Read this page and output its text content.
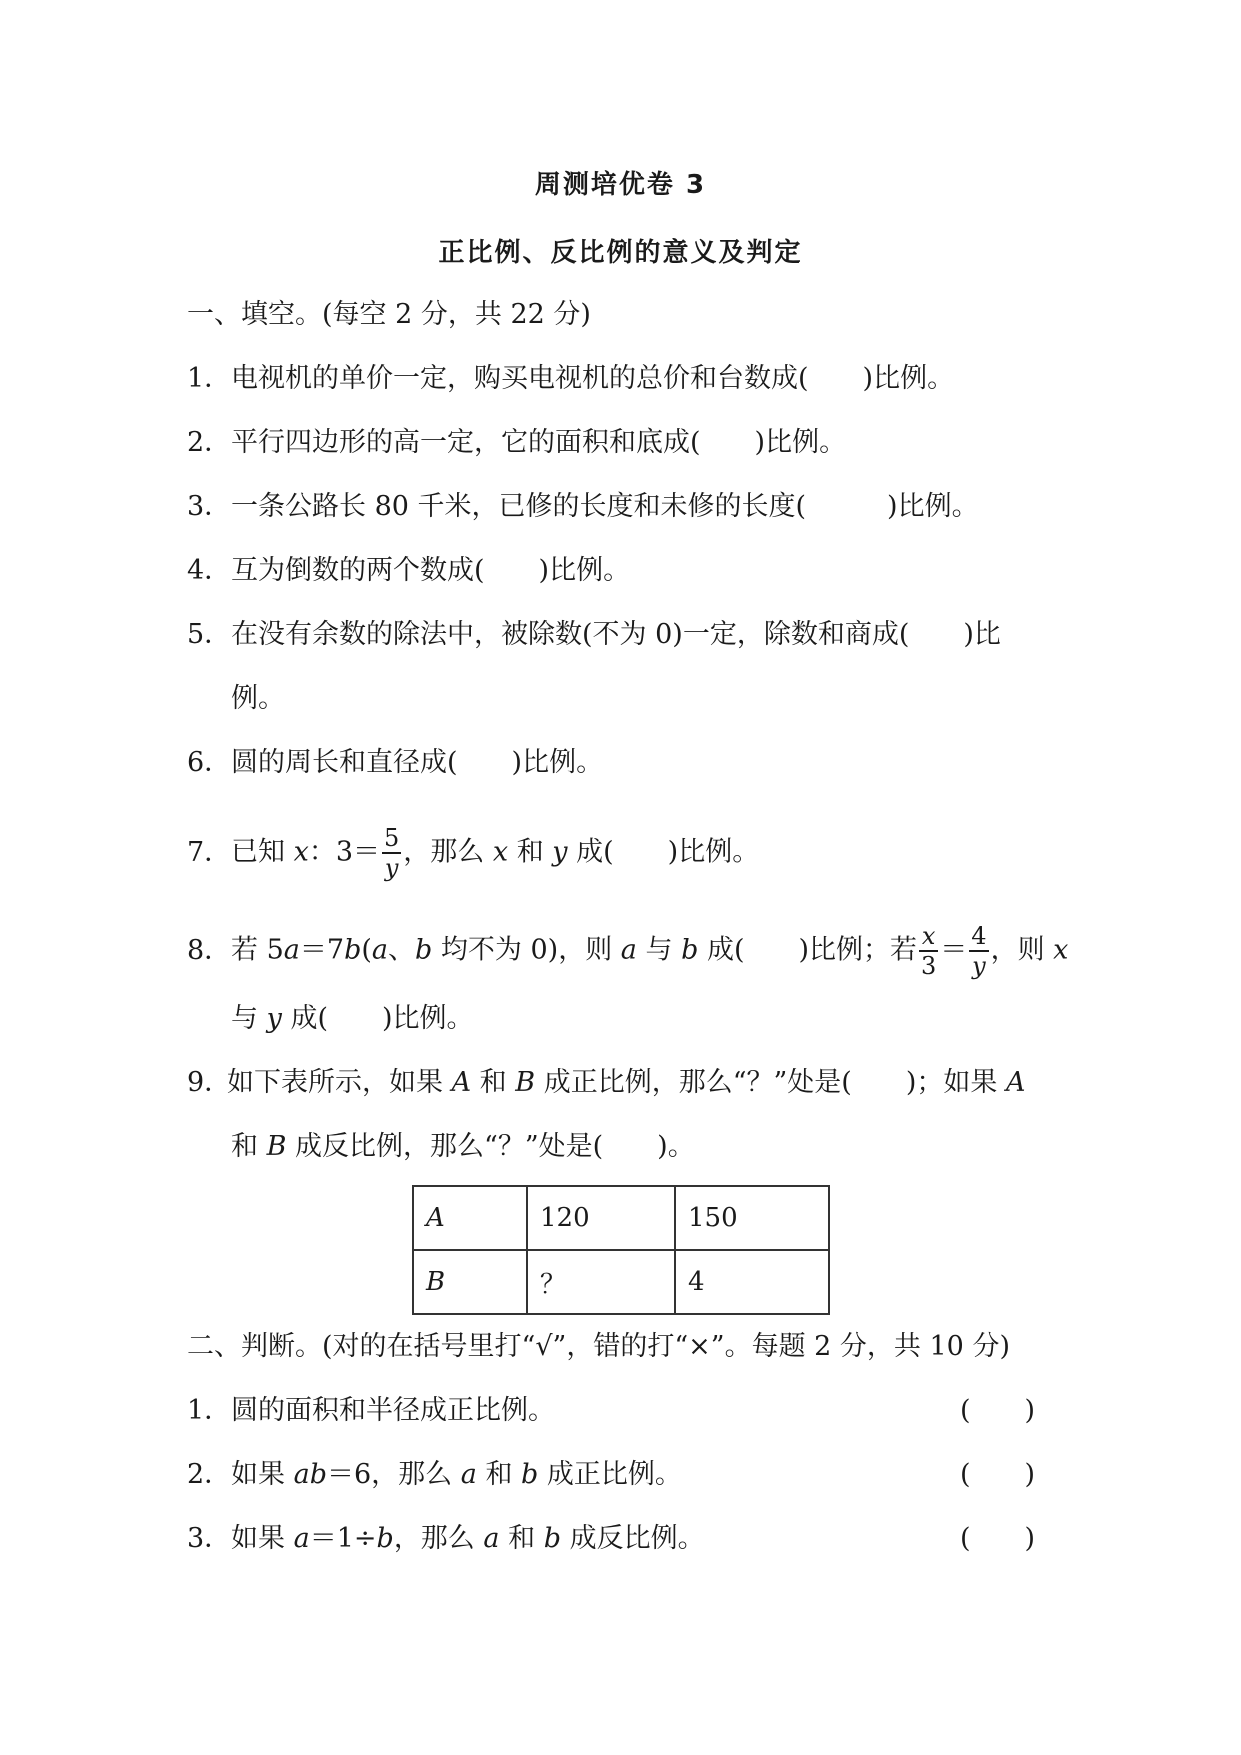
周测培优卷 3
正比例、反比例的意义及判定
一、填空。(每空 2 分，共 22 分)
1．电视机的单价一定，购买电视机的总价和台数成(　　)比例。
2．平行四边形的高一定，它的面积和底成(　　)比例。
3．一条公路长 80 千米，已修的长度和未修的长度(　　　)比例。
4．互为倒数的两个数成(　　)比例。
5．在没有余数的除法中，被除数(不为 0)一定，除数和商成(　　)比
例。
6．圆的周长和直径成(　　)比例。
7．已知 x：$3= \frac{5}{y}$ ，那么 x 和 y 成(　　)比例。
8．若 5a＝7b(a、b 均不为 0)，则 a 与 b 成(　　)比例；若 $\frac{x}{3} = \frac{4}{y}$ ，则 x
与 y 成(　　)比例。
9．如下表所示，如果 A 和 B 成正比例，那么“？”处是(　　)；如果 A
和 B 成反比例，那么“？”处是(　　)。
A	120	150
B	？	4
二、判断。(对的在括号里打“√”，错的打“×”。每题 2 分，共 10 分)
1．圆的面积和半径成正比例。	(　　)
2．如果 ab＝6，那么 a 和 b 成正比例。	(　　)
3．如果 a＝1÷b，那么 a 和 b 成反比例。	(　　)
